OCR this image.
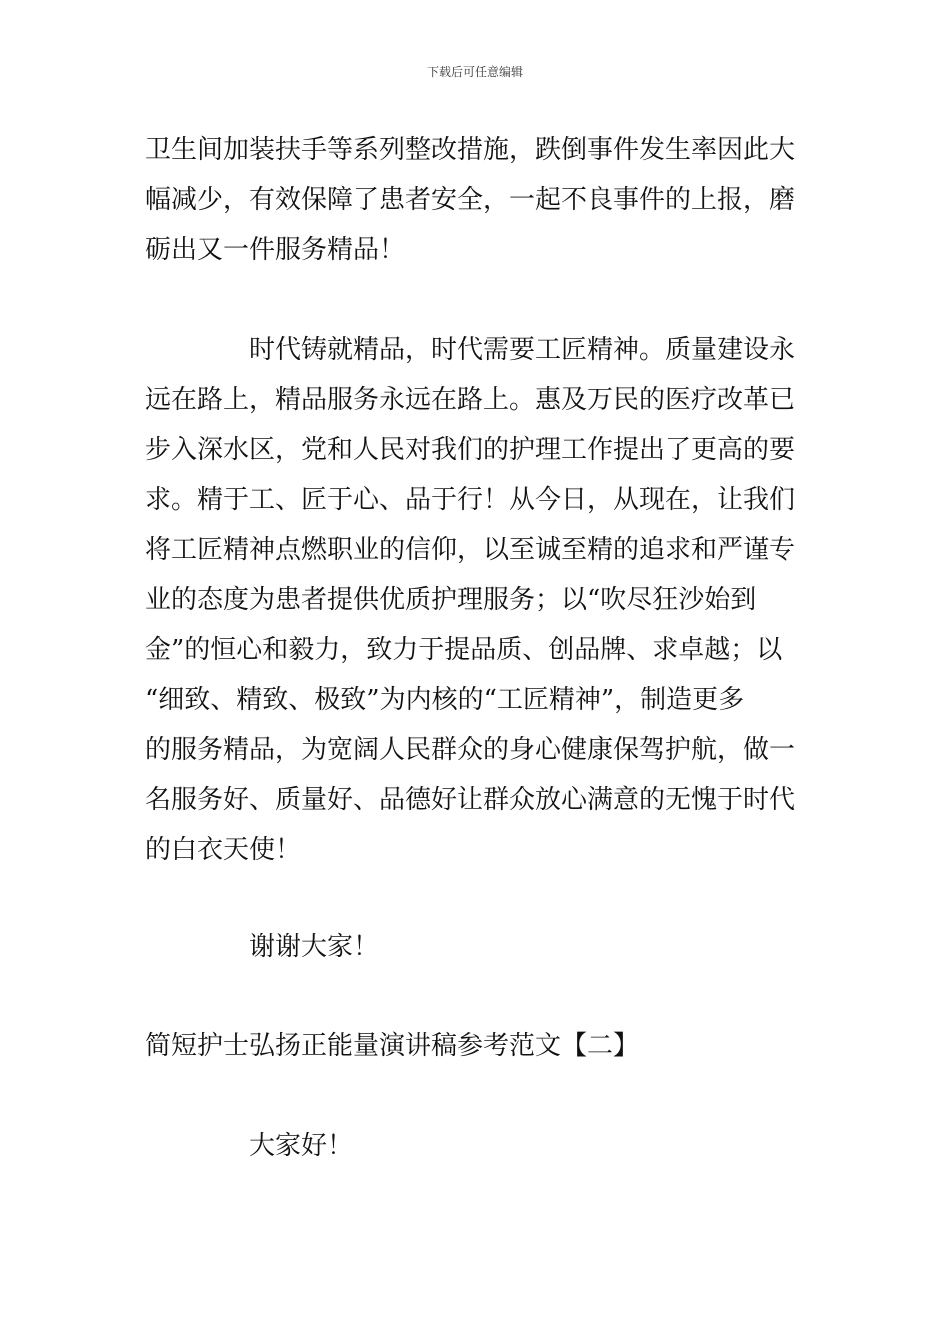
下载后可任意编辑
卫生间加装扶手等系列整改措施，跌倒事件发生率因此大
幅减少，有效保障了患者安全，一起不良事件的上报，磨
砺出又一件服务精品！
时代铸就精品，时代需要工匠精神。质量建设永
远在路上，精品服务永远在路上。惠及万民的医疗改革已
步入深水区，党和人民对我们的护理工作提出了更高的要
求。精于工、匠于心、品于行！从今日，从现在，让我们
将工匠精神点燃职业的信仰，以至诚至精的追求和严谨专
业的态度为患者提供优质护理服务；以“吹尽狂沙始到
金”的恒心和毅力，致力于提品质、创品牌、求卓越；以
“细致、精致、极致”为内核的“工匠精神”，制造更多
的服务精品，为宽阔人民群众的身心健康保驾护航，做一
名服务好、质量好、品德好让群众放心满意的无愧于时代
的白衣天使！
谢谢大家！
简短护士弘扬正能量演讲稿参考范文【二】
大家好！
